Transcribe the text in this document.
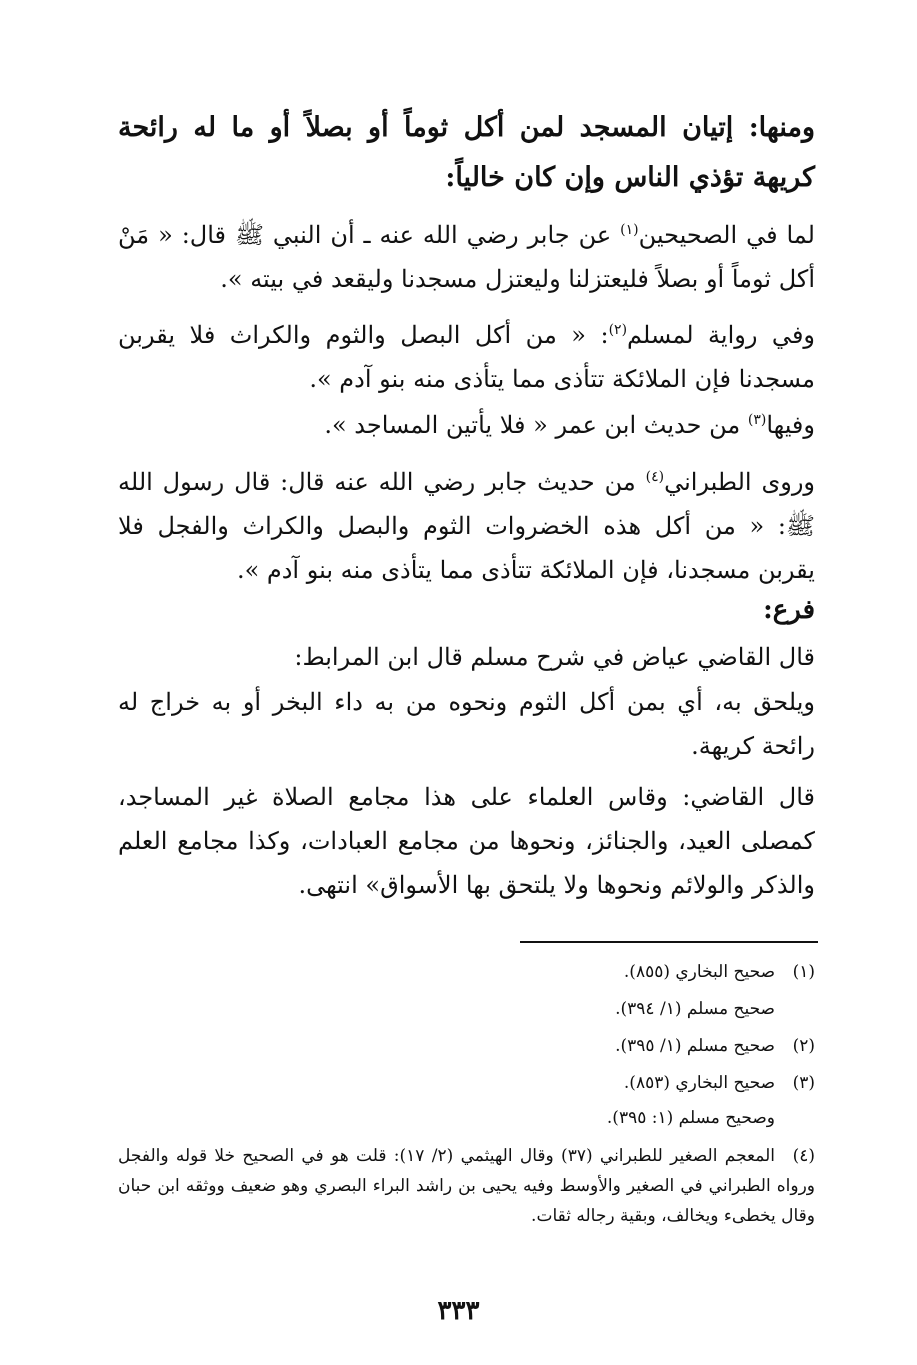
ومنها: إتيان المسجد لمن أكل ثوماً أو بصلاً أو ما له رائحة كريهة تؤذي الناس وإن كان خالياً:
لما في الصحيحين$^{(١)}$ عن جابر رضي الله عنه ـ أن النبي ﷺ قال: « مَنْ أكل ثوماً أو بصلاً فليعتزلنا وليعتزل مسجدنا وليقعد في بيته ».
وفي رواية لمسلم$^{(٢)}$: « من أكل البصل والثوم والكراث فلا يقربن مسجدنا فإن الملائكة تتأذى مما يتأذى منه بنو آدم ».
وفيها$^{(٣)}$ من حديث ابن عمر « فلا يأتين المساجد ».
وروى الطبراني$^{(٤)}$ من حديث جابر رضي الله عنه قال: قال رسول الله ﷺ: « من أكل هذه الخضروات الثوم والبصل والكراث والفجل فلا يقربن مسجدنا، فإن الملائكة تتأذى مما يتأذى منه بنو آدم ».
فرع:
قال القاضي عياض في شرح مسلم قال ابن المرابط:
ويلحق به، أي بمن أكل الثوم ونحوه من به داء البخر أو به خراج له رائحة كريهة.
قال القاضي: وقاس العلماء على هذا مجامع الصلاة غير المساجد، كمصلى العيد، والجنائز، ونحوها من مجامع العبادات، وكذا مجامع العلم والذكر والولائم ونحوها ولا يلتحق بها الأسواق» انتهى.
(١)صحيح البخاري (٨٥٥).
صحيح مسلم (١/ ٣٩٤).
(٢)صحيح مسلم (١/ ٣٩٥).
(٣)صحيح البخاري (٨٥٣).
وصحيح مسلم (١: ٣٩٥).
(٤)المعجم الصغير للطبراني (٣٧) وقال الهيثمي (٢/ ١٧): قلت هو في الصحيح خلا قوله والفجل ورواه الطبراني في الصغير والأوسط وفيه يحيى بن راشد البراء البصري وهو ضعيف ووثقه ابن حبان وقال يخطىء ويخالف، وبقية رجاله ثقات.
٣٣٣
